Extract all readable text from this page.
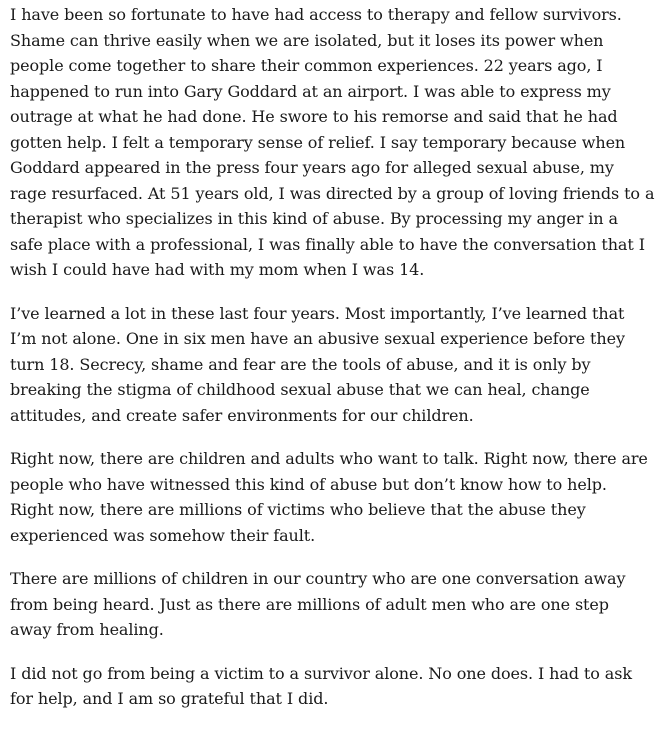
I have been so fortunate to have had access to therapy and fellow survivors. Shame can thrive easily when we are isolated, but it loses its power when people come together to share their common experiences. 22 years ago, I happened to run into Gary Goddard at an airport. I was able to express my outrage at what he had done. He swore to his remorse and said that he had gotten help. I felt a temporary sense of relief. I say temporary because when Goddard appeared in the press four years ago for alleged sexual abuse, my rage resurfaced. At 51 years old, I was directed by a group of loving friends to a therapist who specializes in this kind of abuse. By processing my anger in a safe place with a professional, I was finally able to have the conversation that I wish I could have had with my mom when I was 14.

I’ve learned a lot in these last four years. Most importantly, I’ve learned that I’m not alone. One in six men have an abusive sexual experience before they turn 18. Secrecy, shame and fear are the tools of abuse, and it is only by breaking the stigma of childhood sexual abuse that we can heal, change attitudes, and create safer environments for our children.

Right now, there are children and adults who want to talk. Right now, there are people who have witnessed this kind of abuse but don’t know how to help. Right now, there are millions of victims who believe that the abuse they experienced was somehow their fault.

There are millions of children in our country who are one conversation away from being heard. Just as there are millions of adult men who are one step away from healing.

I did not go from being a victim to a survivor alone. No one does. I had to ask for help, and I am so grateful that I did.
